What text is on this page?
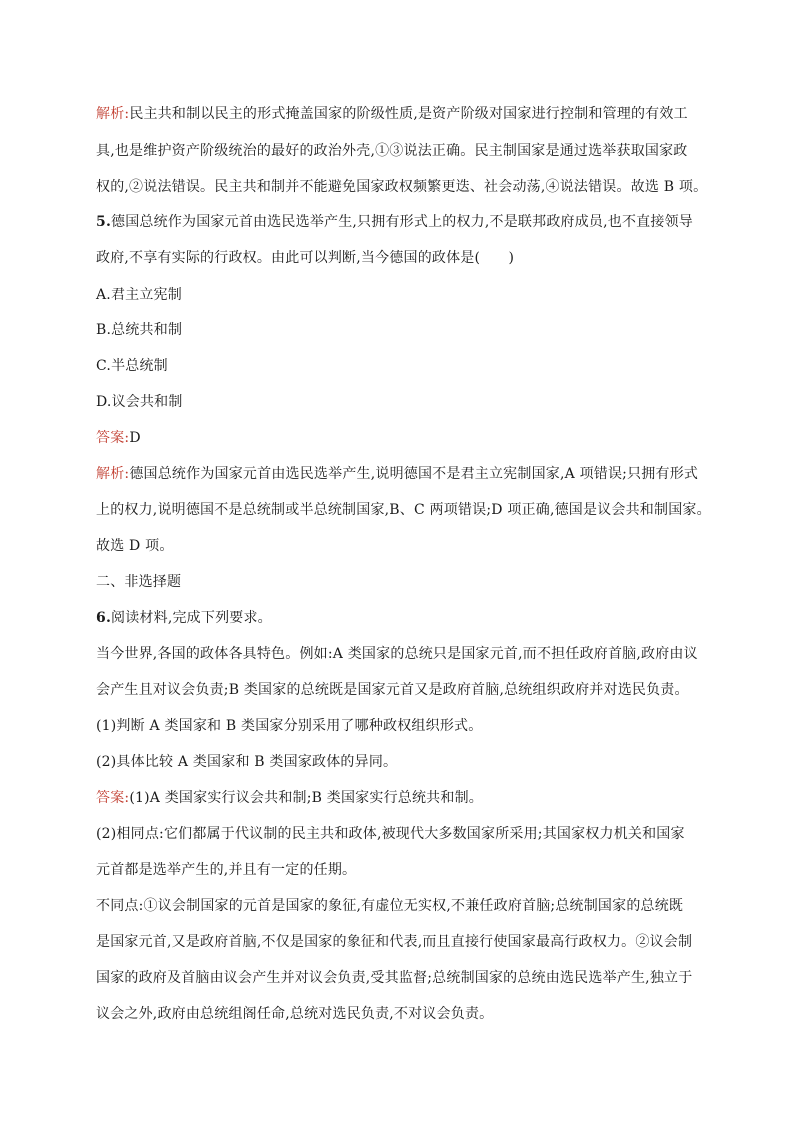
解析:民主共和制以民主的形式掩盖国家的阶级性质,是资产阶级对国家进行控制和管理的有效工
具,也是维护资产阶级统治的最好的政治外壳,①③说法正确。民主制国家是通过选举获取国家政
权的,②说法错误。民主共和制并不能避免国家政权频繁更迭、社会动荡,④说法错误。故选 B 项。
5.德国总统作为国家元首由选民选举产生,只拥有形式上的权力,不是联邦政府成员,也不直接领导
政府,不享有实际的行政权。由此可以判断,当今德国的政体是(　　)
A.君主立宪制
B.总统共和制
C.半总统制
D.议会共和制
答案:D
解析:德国总统作为国家元首由选民选举产生,说明德国不是君主立宪制国家,A 项错误;只拥有形式
上的权力,说明德国不是总统制或半总统制国家,B、C 两项错误;D 项正确,德国是议会共和制国家。
故选 D 项。
二、非选择题
6.阅读材料,完成下列要求。
当今世界,各国的政体各具特色。例如:A 类国家的总统只是国家元首,而不担任政府首脑,政府由议
会产生且对议会负责;B 类国家的总统既是国家元首又是政府首脑,总统组织政府并对选民负责。
(1)判断 A 类国家和 B 类国家分别采用了哪种政权组织形式。
(2)具体比较 A 类国家和 B 类国家政体的异同。
答案:(1)A 类国家实行议会共和制;B 类国家实行总统共和制。
(2)相同点:它们都属于代议制的民主共和政体,被现代大多数国家所采用;其国家权力机关和国家
元首都是选举产生的,并且有一定的任期。
不同点:①议会制国家的元首是国家的象征,有虚位无实权,不兼任政府首脑;总统制国家的总统既
是国家元首,又是政府首脑,不仅是国家的象征和代表,而且直接行使国家最高行政权力。②议会制
国家的政府及首脑由议会产生并对议会负责,受其监督;总统制国家的总统由选民选举产生,独立于
议会之外,政府由总统组阁任命,总统对选民负责,不对议会负责。
